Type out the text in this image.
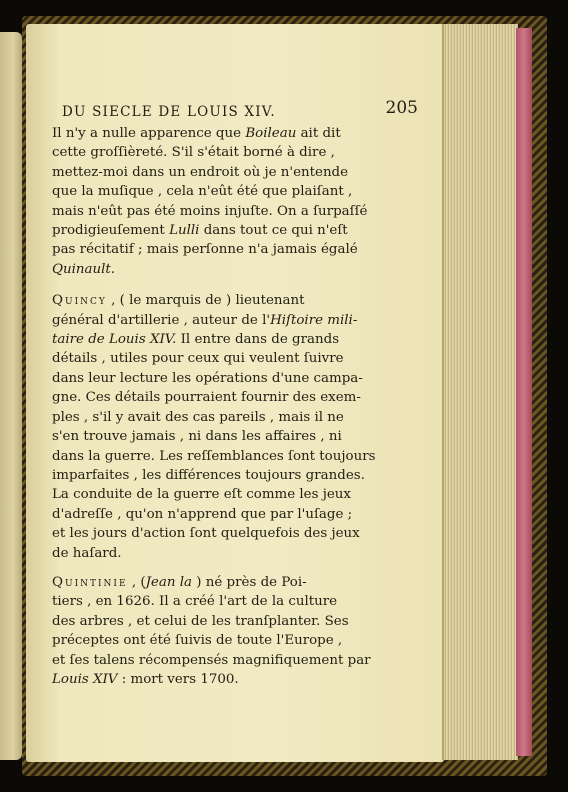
DU SIECLE DE LOUIS XIV.	205

Il n'y a nulle apparence que Boileau ait dit

cette groſſièreté. S'il s'était borné à dire ,

mettez-moi dans un endroit où je n'entende

que la muſique , cela n'eût été que plaiſant ,

mais n'eût pas été moins injuſte. On a ſurpaſſé

prodigieuſement Lulli dans tout ce qui n'eſt

pas récitatif ; mais perſonne n'a jamais égalé

Quinault.

Quincy , ( le marquis de ) lieutenant

général d'artillerie , auteur de l'Hiſtoire mili-

taire de Louis XIV. Il entre dans de grands

détails , utiles pour ceux qui veulent ſuivre

dans leur lecture les opérations d'une campa-

gne. Ces détails pourraient fournir des exem-

ples , s'il y avait des cas pareils , mais il ne

s'en trouve jamais , ni dans les affaires , ni

dans la guerre. Les reſſemblances ſont toujours

imparfaites , les différences toujours grandes.

La conduite de la guerre eſt comme les jeux

d'adreſſe , qu'on n'apprend que par l'uſage ;

et les jours d'action ſont quelquefois des jeux

de haſard.

Quintinie , (Jean la ) né près de Poi-

tiers , en 1626. Il a créé l'art de la culture

des arbres , et celui de les tranſplanter. Ses

préceptes ont été ſuivis de toute l'Europe ,

et ſes talens récompensés magnifiquement par

Louis XIV : mort vers 1700.
